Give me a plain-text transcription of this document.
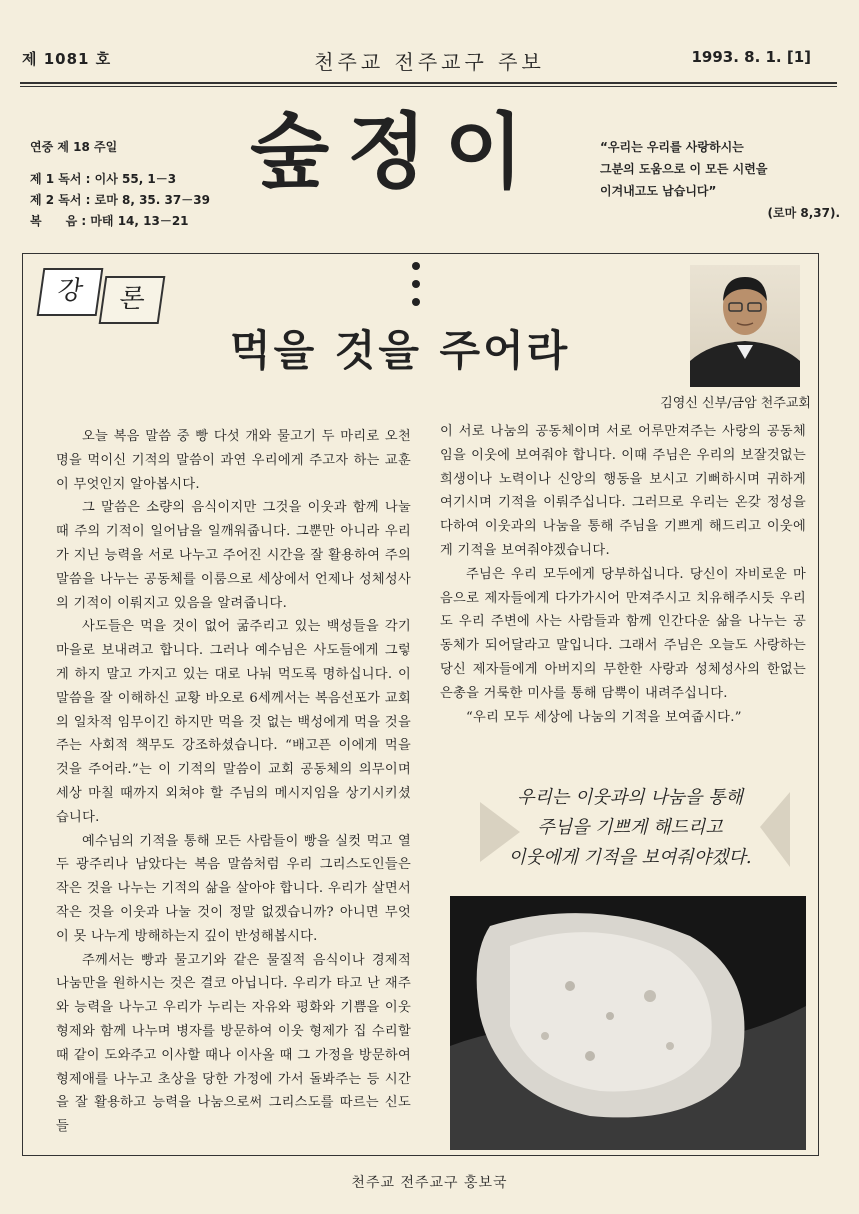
제 1081 호	천주교 전주교구 주보	1993. 8. 1. [1]
연중 제 18 주일
제 1 독서 : 이사 55, 1－3
제 2 독서 : 로마 8, 35. 37－39
복　　음 : 마태 14, 13－21
숲정이	“우리는 우리를 사랑하시는
그분의 도움으로 이 모든 시련을
이겨내고도 남습니다”
(로마 8,37).
강	론
먹을 것을 주어라
김영신 신부/금암 천주교회

오늘 복음 말씀 중 빵 다섯 개와 물고기 두 마리로 오천 명을 먹이신 기적의 말씀이 과연 우리에게 주고자 하는 교훈이 무엇인지 알아봅시다.

그 말씀은 소량의 음식이지만 그것을 이웃과 함께 나눌 때 주의 기적이 일어남을 일깨워줍니다. 그뿐만 아니라 우리가 지닌 능력을 서로 나누고 주어진 시간을 잘 활용하여 주의 말씀을 나누는 공동체를 이룸으로 세상에서 언제나 성체성사의 기적이 이뤄지고 있음을 알려줍니다.

사도들은 먹을 것이 없어 굶주리고 있는 백성들을 각기 마을로 보내려고 합니다. 그러나 예수님은 사도들에게 그렇게 하지 말고 가지고 있는 대로 나눠 먹도록 명하십니다. 이 말씀을 잘 이해하신 교황 바오로 6세께서는 복음선포가 교회의 일차적 임무이긴 하지만 먹을 것 없는 백성에게 먹을 것을 주는 사회적 책무도 강조하셨습니다. “배고픈 이에게 먹을 것을 주어라.”는 이 기적의 말씀이 교회 공동체의 의무이며 세상 마칠 때까지 외쳐야 할 주님의 메시지임을 상기시키셨습니다.

예수님의 기적을 통해 모든 사람들이 빵을 실컷 먹고 열두 광주리나 남았다는 복음 말씀처럼 우리 그리스도인들은 작은 것을 나누는 기적의 삶을 살아야 합니다. 우리가 살면서 작은 것을 이웃과 나눌 것이 정말 없겠습니까? 아니면 무엇이 못 나누게 방해하는지 깊이 반성해봅시다.

주께서는 빵과 물고기와 같은 물질적 음식이나 경제적 나눔만을 원하시는 것은 결코 아닙니다. 우리가 타고 난 재주와 능력을 나누고 우리가 누리는 자유와 평화와 기쁨을 이웃 형제와 함께 나누며 병자를 방문하여 이웃 형제가 집 수리할 때 같이 도와주고 이사할 때나 이사올 때 그 가정을 방문하여 형제애를 나누고 초상을 당한 가정에 가서 돌봐주는 등 시간을 잘 활용하고 능력을 나눔으로써 그리스도를 따르는 신도들

이 서로 나눔의 공동체이며 서로 어루만져주는 사랑의 공동체임을 이웃에 보여줘야 합니다. 이때 주님은 우리의 보잘것없는 희생이나 노력이나 신앙의 행동을 보시고 기뻐하시며 귀하게 여기시며 기적을 이뤄주십니다. 그러므로 우리는 온갖 정성을 다하여 이웃과의 나눔을 통해 주님을 기쁘게 해드리고 이웃에게 기적을 보여줘야겠습니다.

주님은 우리 모두에게 당부하십니다. 당신이 자비로운 마음으로 제자들에게 다가가시어 만져주시고 치유해주시듯 우리도 우리 주변에 사는 사람들과 함께 인간다운 삶을 나누는 공동체가 되어달라고 말입니다. 그래서 주님은 오늘도 사랑하는 당신 제자들에게 아버지의 무한한 사랑과 성체성사의 한없는 은총을 거룩한 미사를 통해 담뿍이 내려주십니다.

“우리 모두 세상에 나눔의 기적을 보여줍시다.”

우리는 이웃과의 나눔을 통해
주님을 기쁘게 해드리고
이웃에게 기적을 보여줘야겠다.
천주교 전주교구 홍보국
